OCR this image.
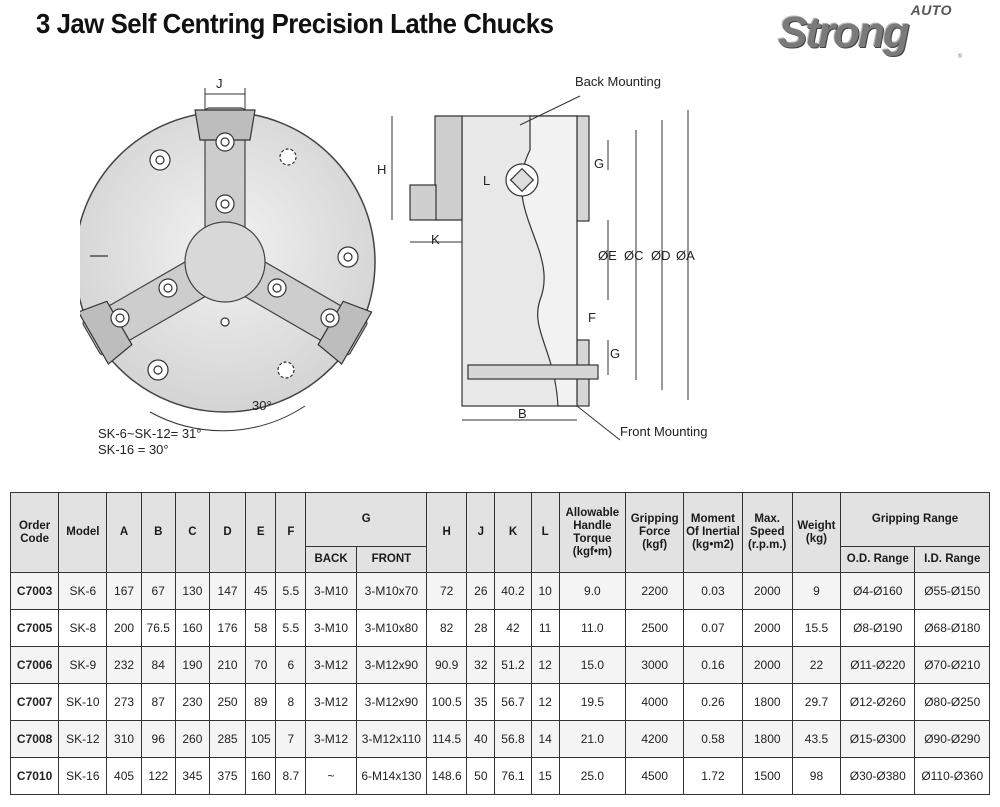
3 Jaw Self Centring Precision Lathe Chucks	AUTO
Strong	®
J
30°
SK-6~SK-12= 31°
SK-16 = 30°
Back Mounting
Front Mounting
H
K
L
G
ØE ØC ØD ØA
F
G
B
Order Code	Model	A	B	C	D	E	F	G		H	J	K	L	Allowable Handle Torque (kgf•m)	Gripping Force (kgf)	Moment Of Inertial (kg•m2)	Max. Speed (r.p.m.)	Weight (kg)	Gripping Range	
								BACK	FRONT										O.D. Range	I.D. Range
C7003	SK-6	167	67	130	147	45	5.5	3-M10	3-M10x70	72	26	40.2	10	9.0	2200	0.03	2000	9	Ø4-Ø160	Ø55-Ø150
C7005	SK-8	200	76.5	160	176	58	5.5	3-M10	3-M10x80	82	28	42	11	11.0	2500	0.07	2000	15.5	Ø8-Ø190	Ø68-Ø180
C7006	SK-9	232	84	190	210	70	6	3-M12	3-M12x90	90.9	32	51.2	12	15.0	3000	0.16	2000	22	Ø11-Ø220	Ø70-Ø210
C7007	SK-10	273	87	230	250	89	8	3-M12	3-M12x90	100.5	35	56.7	12	19.5	4000	0.26	1800	29.7	Ø12-Ø260	Ø80-Ø250
C7008	SK-12	310	96	260	285	105	7	3-M12	3-M12x110	114.5	40	56.8	14	21.0	4200	0.58	1800	43.5	Ø15-Ø300	Ø90-Ø290
C7010	SK-16	405	122	345	375	160	8.7	~	6-M14x130	148.6	50	76.1	15	25.0	4500	1.72	1500	98	Ø30-Ø380	Ø110-Ø360
